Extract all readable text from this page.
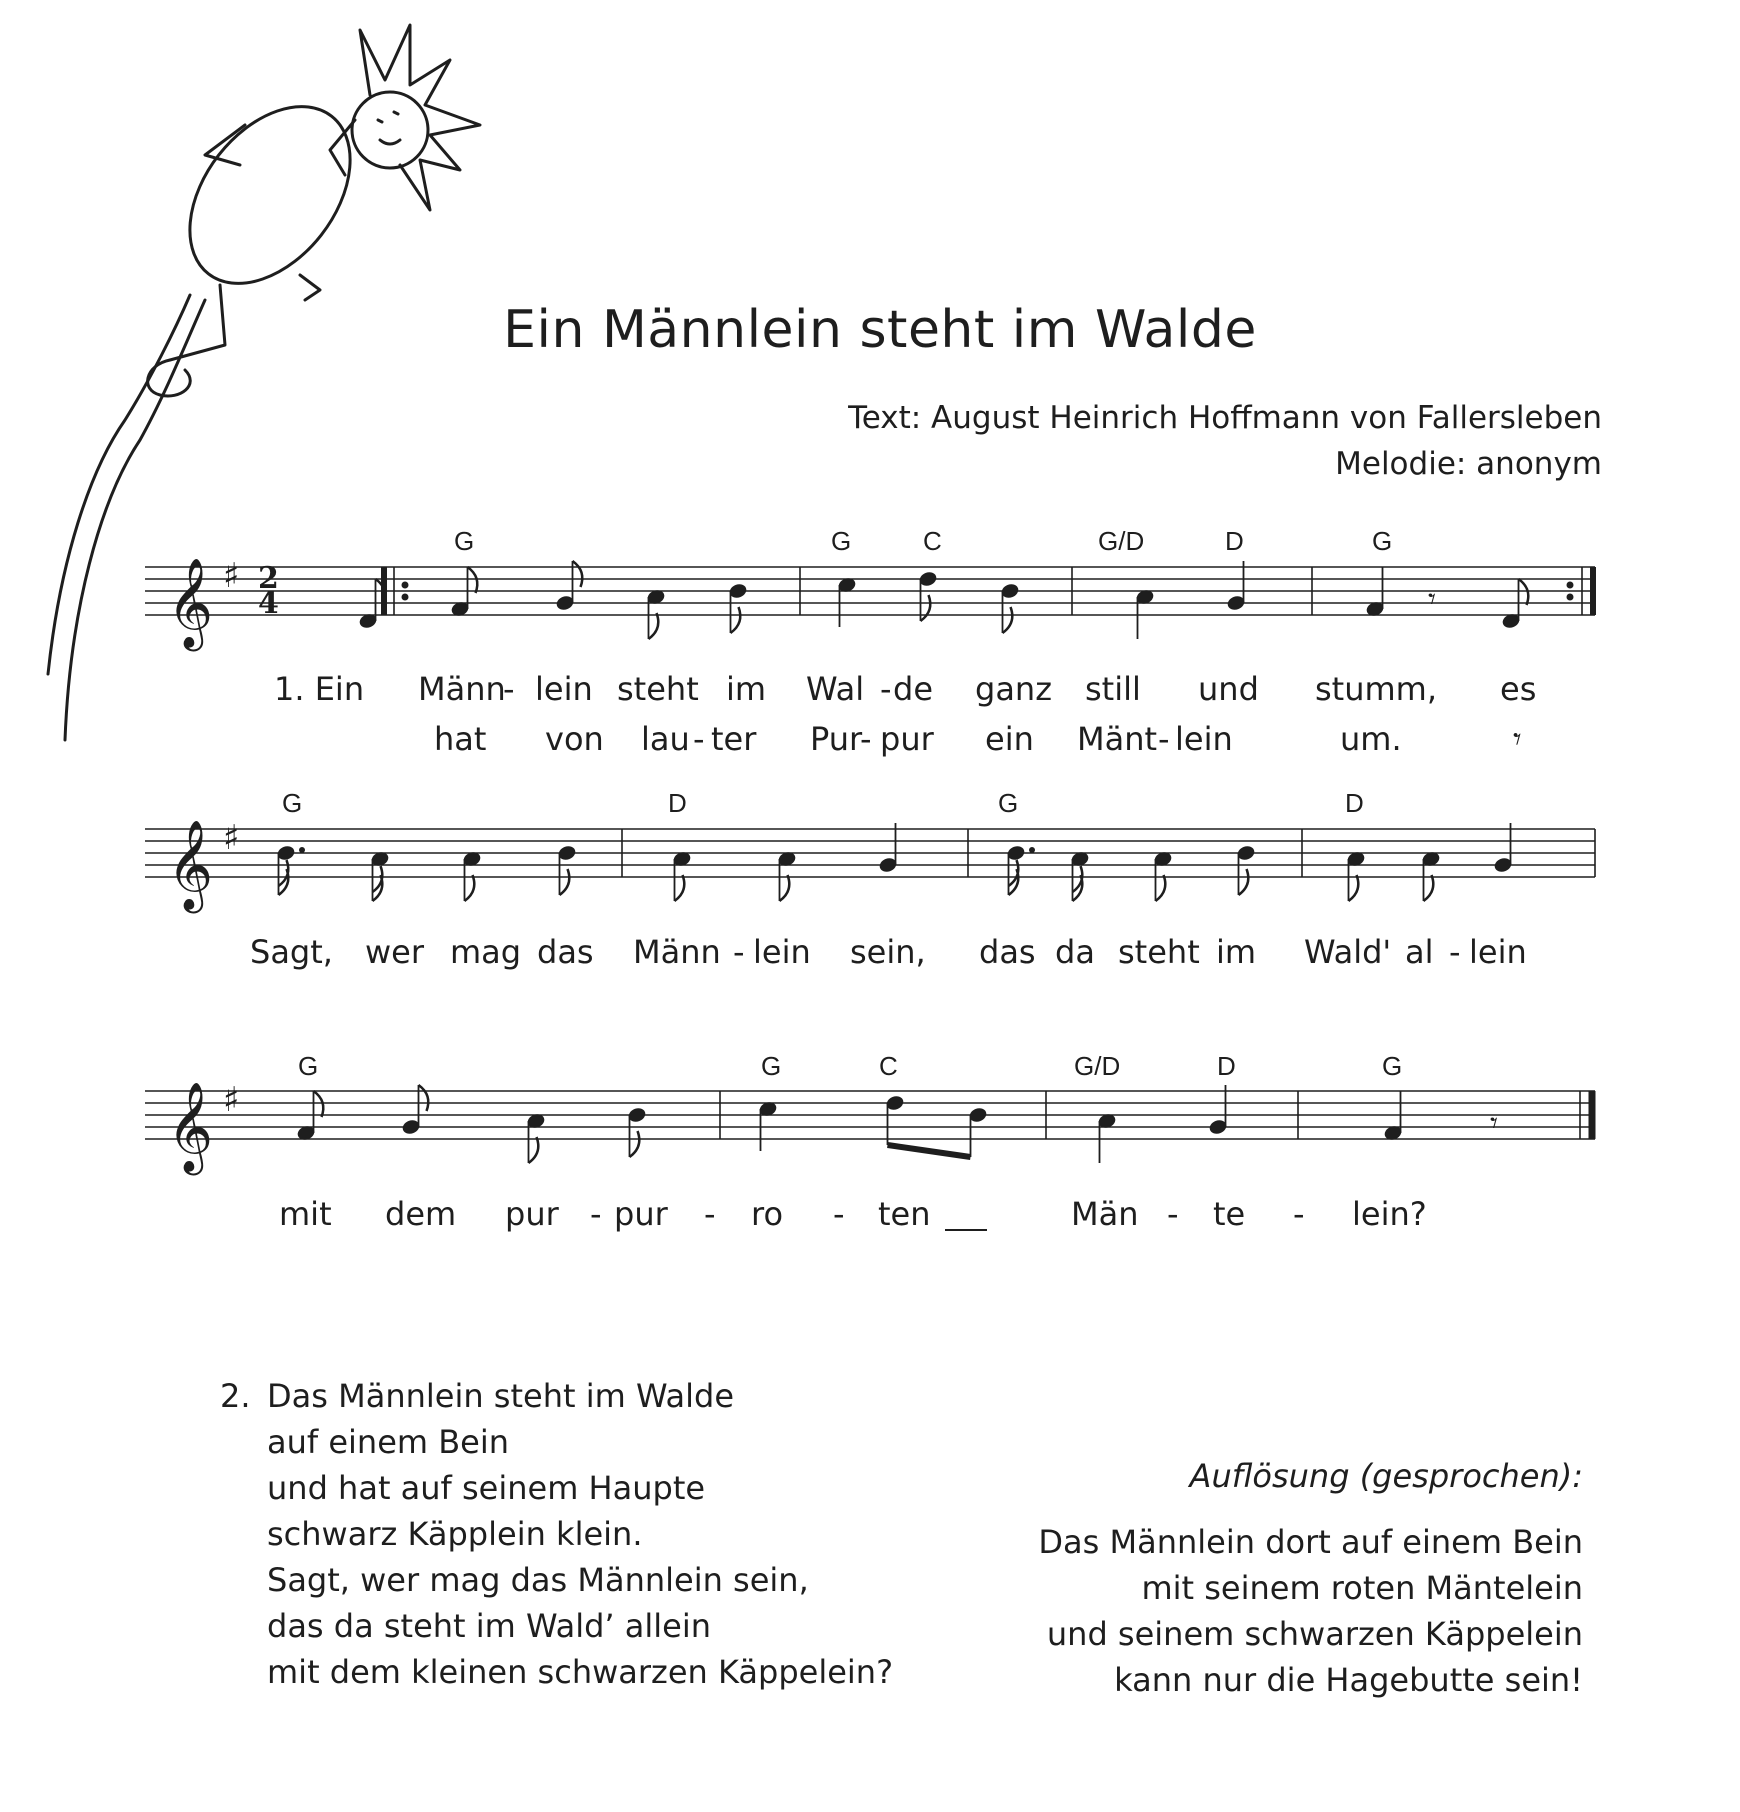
Ein Männlein steht im Walde
Text: August Heinrich Hoffmann von Fallersleben
Melodie: anonym
𝄞 ♯ 2
4	𝄾
𝄞 ♯
𝄞 ♯
𝄾
G	G	C	G/D	D	G
G	D	G	D
G	G	C	G/D	D	G
1. Ein Männ
- lein steht im Wal - de ganz still und stumm, es
hat von lau - ter Pur
- pur ein Mänt - lein	um.	𝄾
Sagt, wer mag das Männ - lein sein, das da steht im Wald' al - lein
mit dem pur - pur - ro - ten	Män - te - lein?
2. Das Männlein steht im Walde
auf einem Bein
und hat auf seinem Haupte
schwarz Käpplein klein.
Sagt, wer mag das Männlein sein,
das da steht im Wald’ allein
mit dem kleinen schwarzen Käppelein?
Auflösung (gesprochen):
Das Männlein dort auf einem Bein
mit seinem roten Mäntelein
und seinem schwarzen Käppelein
kann nur die Hagebutte sein!
